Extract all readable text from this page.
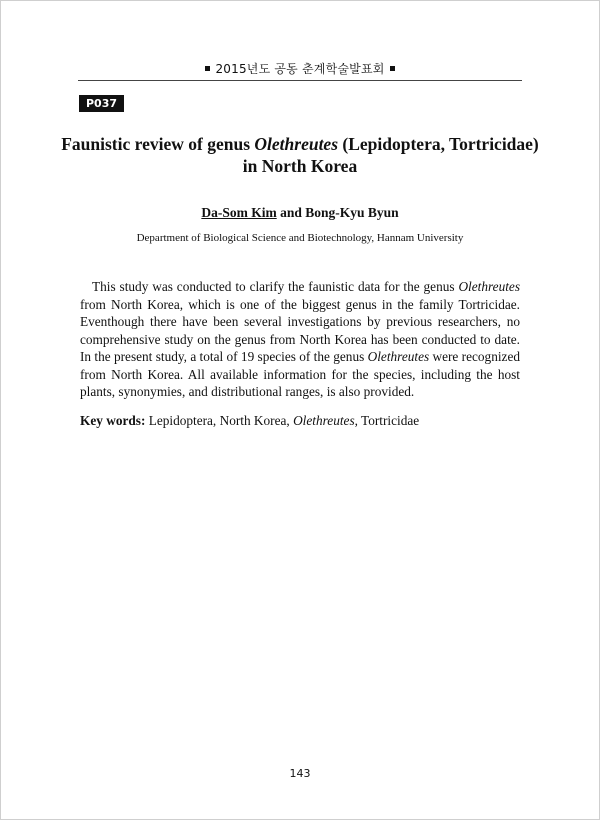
2015년도 공동 춘계학술발표회
P037
Faunistic review of genus Olethreutes (Lepidoptera, Tortricidae)
in North Korea
Da-Som Kim and Bong-Kyu Byun
Department of Biological Science and Biotechnology, Hannam University

This study was conducted to clarify the faunistic data for the genus Olethreutes from North Korea, which is one of the biggest genus in the family Tortricidae. Eventhough there have been several investigations by previous researchers, no comprehensive study on the genus from North Korea has been conducted to date. In the present study, a total of 19 species of the genus Olethreutes were recognized from North Korea. All available information for the species, including the host plants, synonymies, and distributional ranges, is also provided.

Key words: Lepidoptera, North Korea, Olethreutes, Tortricidae

143
